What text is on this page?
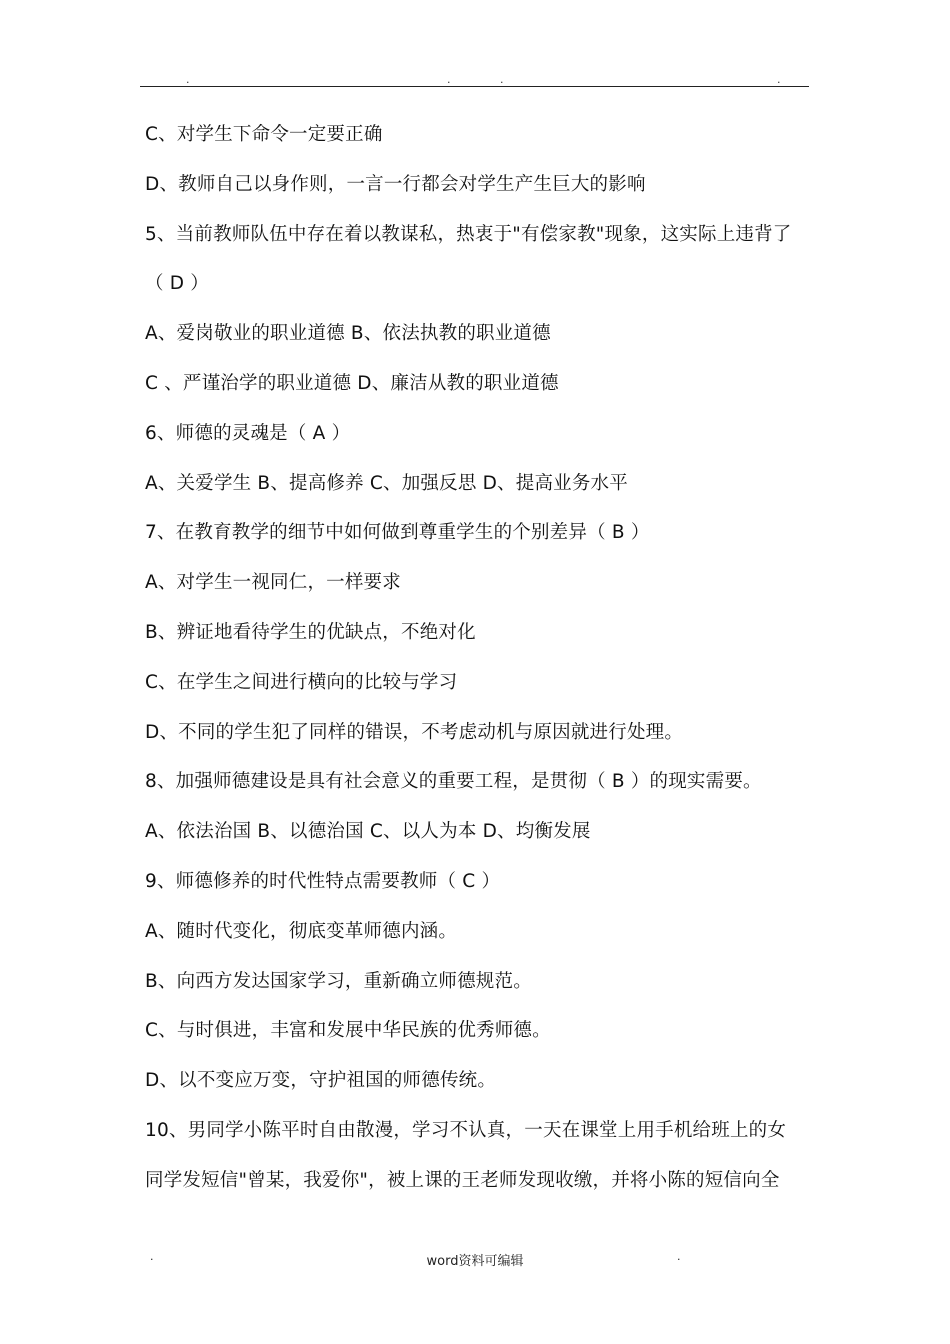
.	.	.	.
C、对学生下命令一定要正确
D、教师自己以身作则，一言一行都会对学生产生巨大的影响
5、当前教师队伍中存在着以教谋私，热衷于"有偿家教"现象，这实际上违背了
（ D ）
A、爱岗敬业的职业道德 B、依法执教的职业道德
C 、严谨治学的职业道德 D、廉洁从教的职业道德
6、师德的灵魂是（ A ）
A、关爱学生 B、提高修养 C、加强反思 D、提高业务水平
7、在教育教学的细节中如何做到尊重学生的个别差异（ B ）
A、对学生一视同仁，一样要求
B、辨证地看待学生的优缺点，不绝对化
C、在学生之间进行横向的比较与学习
D、不同的学生犯了同样的错误，不考虑动机与原因就进行处理。
8、加强师德建设是具有社会意义的重要工程，是贯彻（ B ）的现实需要。
A、依法治国 B、以德治国 C、以人为本 D、均衡发展
9、师德修养的时代性特点需要教师（ C ）
A、随时代变化，彻底变革师德内涵。
B、向西方发达国家学习，重新确立师德规范。
C、与时俱进，丰富和发展中华民族的优秀师德。
D、以不变应万变，守护祖国的师德传统。
10、男同学小陈平时自由散漫，学习不认真，一天在课堂上用手机给班上的女
同学发短信"曾某，我爱你"，被上课的王老师发现收缴，并将小陈的短信向全
.	word资料可编辑	.
